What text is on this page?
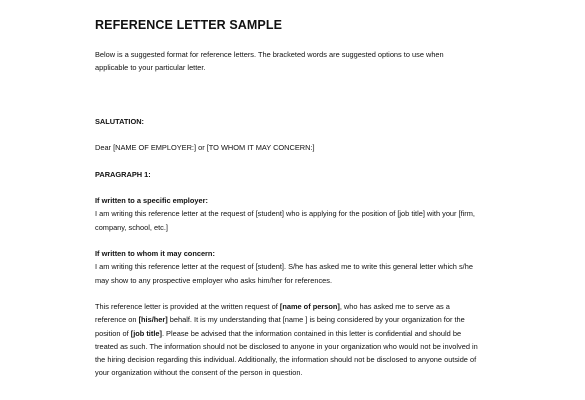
REFERENCE LETTER SAMPLE
Below is a suggested format for reference letters. The bracketed words are suggested options to use when
applicable to your particular letter.
SALUTATION:
Dear [NAME OF EMPLOYER:] or [TO WHOM IT MAY CONCERN:]
PARAGRAPH 1:
If written to a specific employer:
I am writing this reference letter at the request of [student] who is applying for the position of [job title] with your [firm,
company, school, etc.]
If written to whom it may concern:
I am writing this reference letter at the request of [student]. S/he has asked me to write this general letter which s/he
may show to any prospective employer who asks him/her for references.
This reference letter is provided at the written request of [name of person], who has asked me to serve as a
reference on [his/her] behalf. It is my understanding that [name ] is being considered by your organization for the
position of [job title]. Please be advised that the information contained in this letter is confidential and should be
treated as such. The information should not be disclosed to anyone in your organization who would not be involved in
the hiring decision regarding this individual. Additionally, the information should not be disclosed to anyone outside of
your organization without the consent of the person in question.
